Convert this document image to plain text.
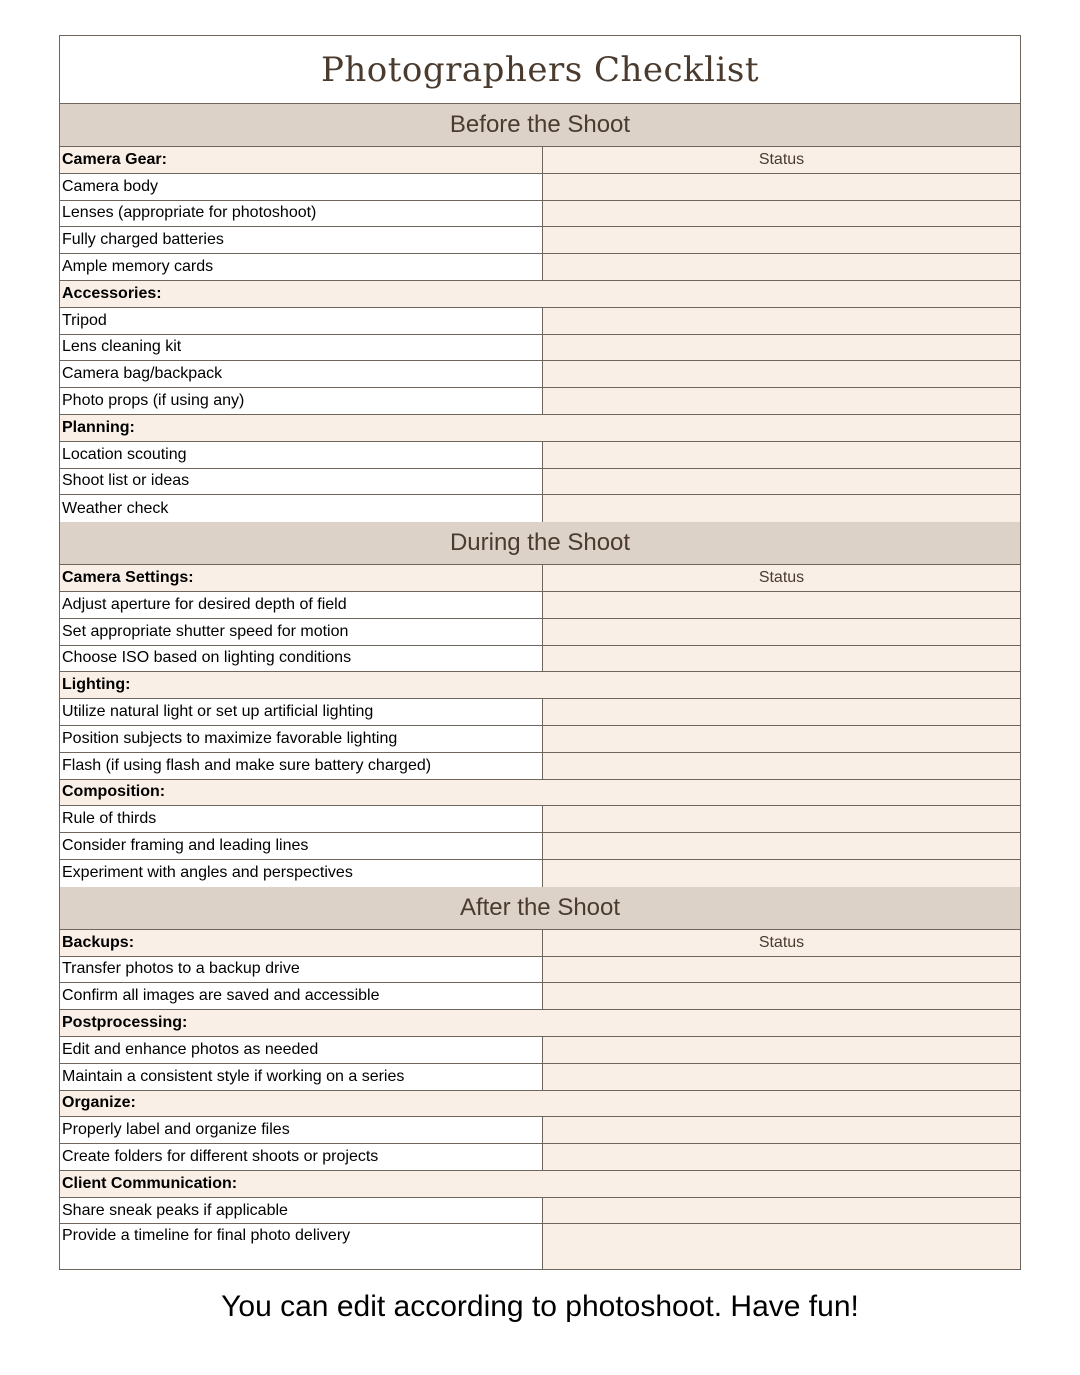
Photographers Checklist
Before the Shoot
Camera Gear:	Status
Camera body
Lenses (appropriate for photoshoot)
Fully charged batteries
Ample memory cards
Accessories:
Tripod
Lens cleaning kit
Camera bag/backpack
Photo props (if using any)
Planning:
Location scouting
Shoot list or ideas
Weather check
During the Shoot
Camera Settings:	Status
Adjust aperture for desired depth of field
Set appropriate shutter speed for motion
Choose ISO based on lighting conditions
Lighting:
Utilize natural light or set up artificial lighting
Position subjects to maximize favorable lighting
Flash (if using flash and make sure battery charged)
Composition:
Rule of thirds
Consider framing and leading lines
Experiment with angles and perspectives
After the Shoot
Backups:	Status
Transfer photos to a backup drive
Confirm all images are saved and accessible
Postprocessing:
Edit and enhance photos as needed
Maintain a consistent style if working on a series
Organize:
Properly label and organize files
Create folders for different shoots or projects
Client Communication:
Share sneak peaks if applicable
Provide a timeline for final photo delivery
You can edit according to photoshoot. Have fun!
